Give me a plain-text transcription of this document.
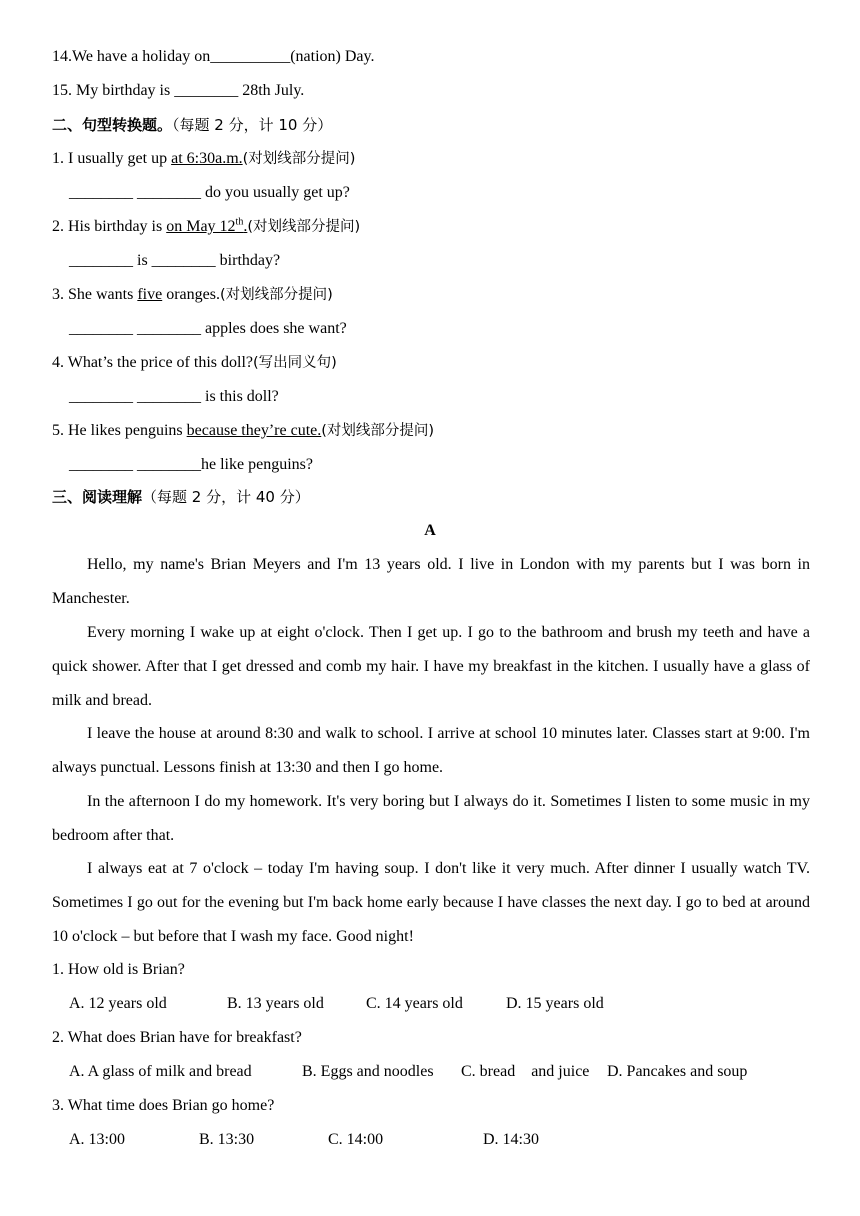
14.We have a holiday on__________(nation) Day.
15. My birthday is ________ 28th July.
二、句型转换题。（每题 2 分，计 10 分）
1. I usually get up at 6:30a.m.(对划线部分提问)
________ ________ do you usually get up?
2. His birthday is on May 12th.(对划线部分提问)
________ is ________ birthday?
3. She wants five oranges.(对划线部分提问)
________ ________ apples does she want?
4. What’s the price of this doll?(写出同义句)
________ ________ is this doll?
5. He likes penguins because they’re cute.(对划线部分提问)
________ ________he like penguins?
三、阅读理解（每题 2 分，计 40 分）
A
Hello, my name's Brian Meyers and I'm 13 years old. I live in London with my parents but I was born in Manchester.
Every morning I wake up at eight o'clock. Then I get up. I go to the bathroom and brush my teeth and have a quick shower. After that I get dressed and comb my hair. I have my breakfast in the kitchen. I usually have a glass of milk and bread.
I leave the house at around 8:30 and walk to school. I arrive at school 10 minutes later. Classes start at 9:00. I'm always punctual. Lessons finish at 13:30 and then I go home.
In the afternoon I do my homework. It's very boring but I always do it. Sometimes I listen to some music in my bedroom after that.
I always eat at 7 o'clock – today I'm having soup. I don't like it very much. After dinner I usually watch TV. Sometimes I go out for the evening but I'm back home early because I have classes the next day. I go to bed at around 10 o'clock – but before that I wash my face. Good night!
1. How old is Brian?
A. 12 years old	B. 13 years old	C. 14 years old	D. 15 years old
2. What does Brian have for breakfast?
A. A glass of milk and bread	B. Eggs and noodles C. bread    and juice D. Pancakes and soup
3. What time does Brian go home?
A. 13:00	B. 13:30	C. 14:00	D. 14:30
